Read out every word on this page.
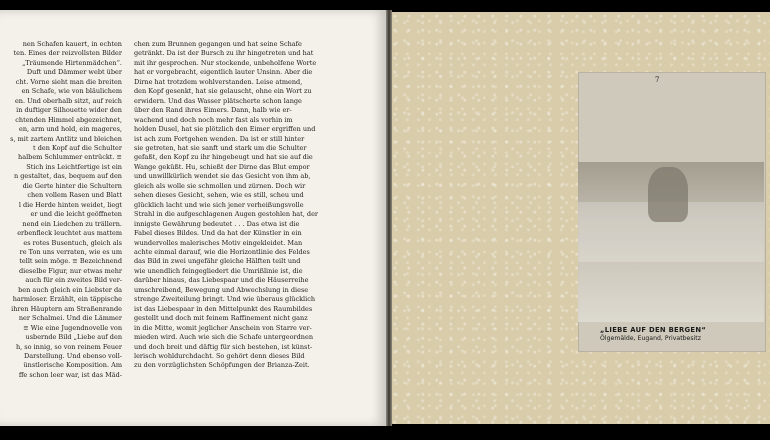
nen Schafen kauert, in echten

ten. Eines der reizvollsten Bilder

„Träumende Hirtenmädchen“.

Duft und Dämmer webt über

cht. Vorne sieht man die breiten

en Schafe, wie von bläulichem

en. Und oberhalb sitzt, auf reich

in duftiger Silhouette wider den

chtenden Himmel abgezeichnet,

en, arm und hold, ein mageres,

s, mit zartem Antlitz und bleichen

t den Kopf auf die Schulter

halbem Schlummer entrückt. ≡

Stich ins Leichtfertige ist ein

n gestaltet, das, bequem auf den

die Gerte hinter die Schultern

chen vollem Rasen und Blatt

l die Herde hinten weidet, liegt

er und die leicht geöffneten

nend ein Liedchen zu trällern.

erbenfleck leuchtet aus mattem

es rotes Busentuch, gleich als

re Ton uns verraten, wie es um

tellt sein möge. ≡ Bezeichnend

dieselbe Figur, nur etwas mehr

auch für ein zweites Bild ver‐

ben auch gleich ein Liebster da

harmloser. Erzählt, ein täppische

ihren Häuptern am Straßenrande

ner Schalmei. Und die Lämmer

≡ Wie eine Jugendnovelle von

usbernde Bild „Liebe auf den

h, so innig, so von reinem Feuer

Darstellung. Und ebenso voll‐

ünstlerische Komposition. Am

ffe schon leer war, ist das Mäd‐

chen zum Brunnen gegangen und hat seine Schafe

getränkt. Da ist der Bursch zu ihr hingetreten und hat

mit ihr gesprochen. Nur stockende, unbeholfene Worte

hat er vorgebracht, eigentlich lauter Unsinn. Aber die

Dirne hat trotzdem wohlverstanden. Leise atmend,

den Kopf gesenkt, hat sie gelauscht, ohne ein Wort zu

erwidern. Und das Wasser plätscherte schon lange

über den Rand ihres Eimers. Dann, halb wie er‐

wachend und doch noch mehr fast als vorhin im

holden Dusel, hat sie plötzlich den Eimer ergriffen und

ist ach zum Fortgehen wenden. Da ist er still hinter

sie getreten, hat sie sanft und stark um die Schulter

gefaßt, den Kopf zu ihr hingebeugt und hat sie auf die

Wange geküßt. Hu, schießt der Dirne das Blut empor

und unwillkürlich wendet sie das Gesicht von ihm ab,

gleich als wolle sie schmollen und zürnen. Doch wir

sehen dieses Gesicht, sehen, wie es still, scheu und

glücklich lacht und wie sich jener verheißungsvolle

Strahl in die aufgeschlagenen Augen gestohlen hat, der

innigste Gewährung bedeutet . . . Das etwa ist die

Fabel dieses Bildes. Und da hat der Künstler in ein

wundervolles malerisches Motiv eingekleidet. Man

achte einmal darauf, wie die Horizontlinie des Feldes

das Bild in zwei ungefähr gleiche Hälften teilt und

wie unendlich feingegliedert die Umrißlinie ist, die

darüber hinaus, das Liebespaar und die Häuserreihe

umschreibend, Bewegung und Abwechslung in diese

strenge Zweiteilung bringt. Und wie überaus glücklich

ist das Liebespaar in den Mittelpunkt des Raumbildes

gestellt und doch mit feinem Raffinement nicht ganz

in die Mitte, womit jeglicher Anschein von Starre ver‐

mieden wird. Auch wie sich die Schafe untergeordnen

und doch breit und däftig für sich bestehen, ist künst‐

lerisch wohldurchdacht. So gehört denn dieses Bild

zu den vorzüglichsten Schöpfungen der Brianza‐Zeit.

7
„LIEBE AUF DEN BERGEN“
Ölgemälde, Eugand, Privatbesitz
